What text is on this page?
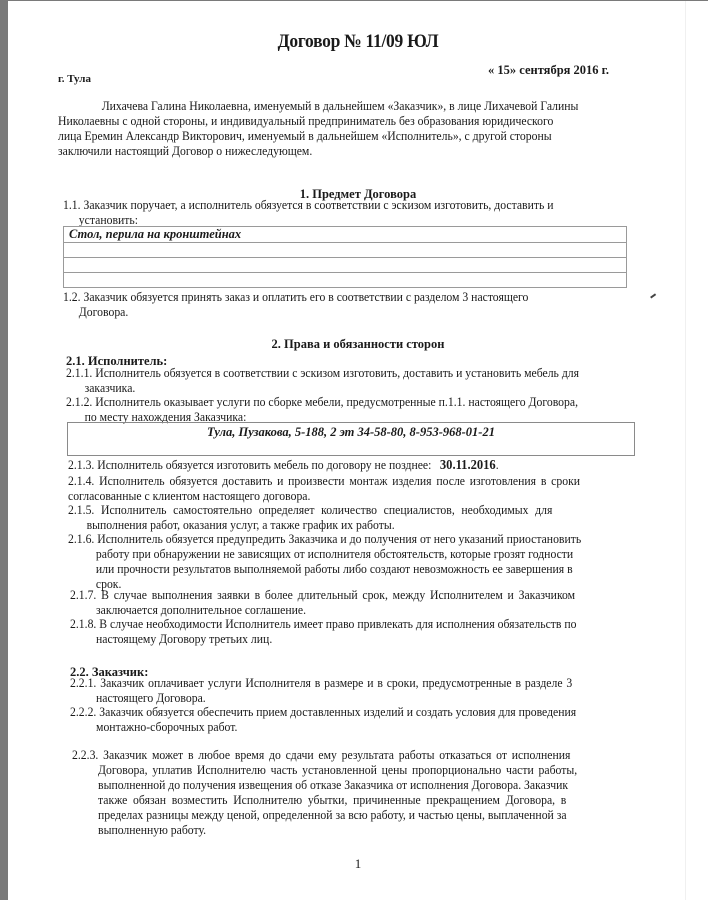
Договор № 11/09 ЮЛ
г. Тула
« 15» сентября 2016 г.
Лихачева Галина Николаевна, именуемый в дальнейшем «Заказчик», в лице Лихачевой Галины
Николаевны с одной стороны, и индивидуальный предприниматель без образования юридического
лица Еремин Александр Викторович, именуемый в дальнейшем «Исполнитель», с другой стороны
заключили настоящий Договор о нижеследующем.
1. Предмет Договора
1.1. Заказчик поручает, а исполнитель обязуется в соответствии с эскизом изготовить, доставить и
установить:
Стол, перила на кронштейнах

1.2. Заказчик обязуется принять заказ и оплатить его в соответствии с разделом 3 настоящего
Договора.
2. Права и обязанности сторон
2.1. Исполнитель:
2.1.1. Исполнитель обязуется в соответствии с эскизом изготовить, доставить и установить мебель для
заказчика.
2.1.2. Исполнитель оказывает услуги по сборке мебели, предусмотренные п.1.1. настоящего Договора,
по месту нахождения Заказчика:
Тула, Пузакова, 5-188, 2 эт 34-58-80, 8-953-968-01-21
2.1.3. Исполнитель обязуется изготовить мебель по договору не позднее: 30.11.2016.
2.1.4. Исполнитель обязуется доставить и произвести монтаж изделия после изготовления в сроки
согласованные с клиентом настоящего договора.
2.1.5. Исполнитель самостоятельно определяет количество специалистов, необходимых для
выполнения работ, оказания услуг, а также график их работы.
2.1.6. Исполнитель обязуется предупредить Заказчика и до получения от него указаний приостановить
работу при обнаружении не зависящих от исполнителя обстоятельств, которые грозят годности
или прочности результатов выполняемой работы либо создают невозможность ее завершения в
срок.
2.1.7. В случае выполнения заявки в более длительный срок, между Исполнителем и Заказчиком
заключается дополнительное соглашение.
2.1.8. В случае необходимости Исполнитель имеет право привлекать для исполнения обязательств по
настоящему Договору третьих лиц.
2.2. Заказчик:
2.2.1. Заказчик оплачивает услуги Исполнителя в размере и в сроки, предусмотренные в разделе 3
настоящего Договора.
2.2.2. Заказчик обязуется обеспечить прием доставленных изделий и создать условия для проведения
монтажно-сборочных работ.
2.2.3. Заказчик может в любое время до сдачи ему результата работы отказаться от исполнения
Договора, уплатив Исполнителю часть установленной цены пропорционально части работы,
выполненной до получения извещения об отказе Заказчика от исполнения Договора. Заказчик
также обязан возместить Исполнителю убытки, причиненные прекращением Договора, в
пределах разницы между ценой, определенной за всю работу, и частью цены, выплаченной за
выполненную работу.
1
